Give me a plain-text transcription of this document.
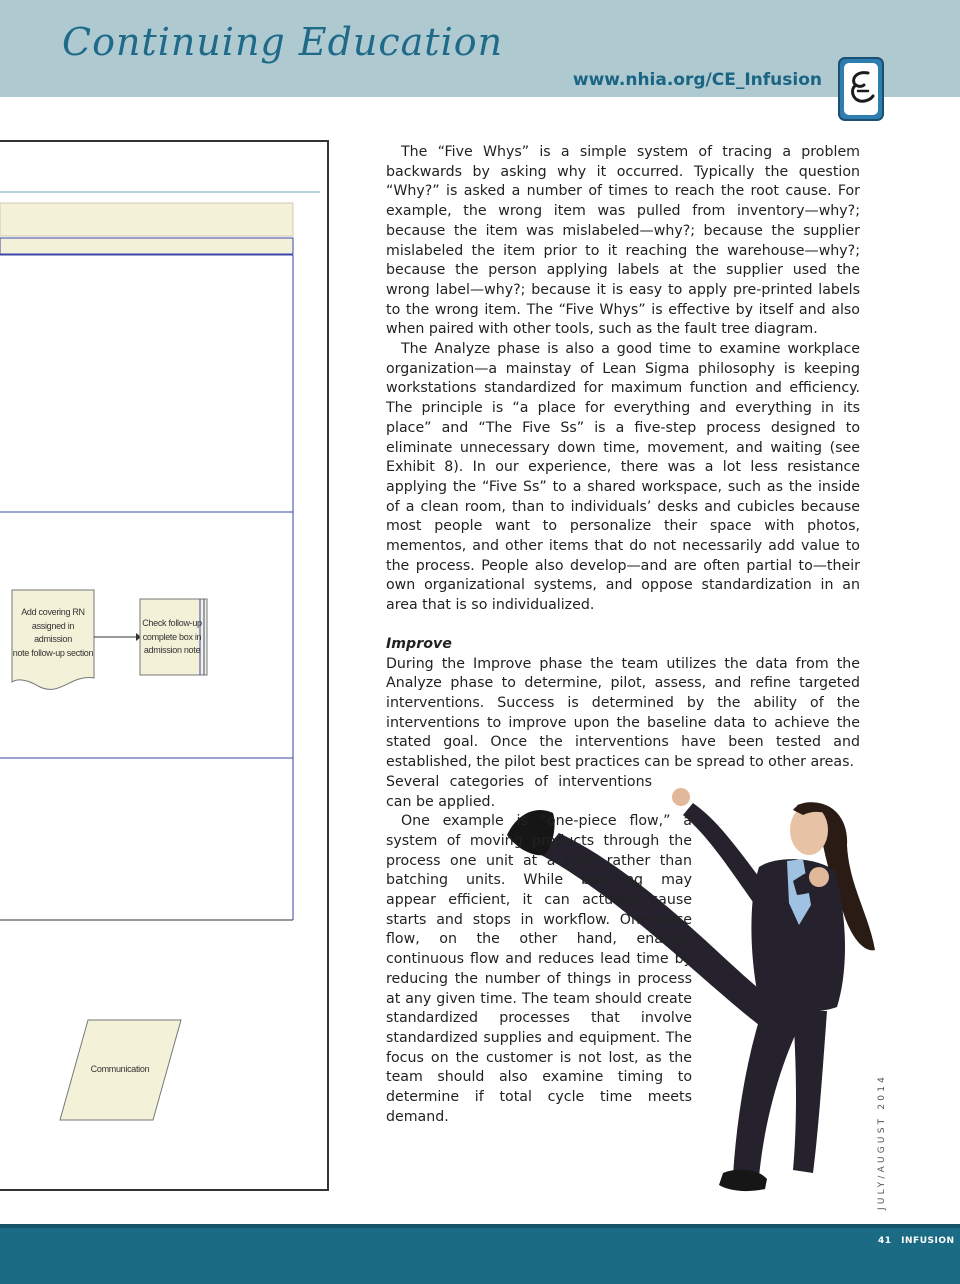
Continuing Education
www.nhia.org/CE_Infusion
Add covering RN
assigned in admission
note follow-up section
Check follow-up
complete box in
admission note
Communication

The “Five Whys” is a simple system of tracing a problem backwards by asking why it occurred. Typically the question “Why?” is asked a number of times to reach the root cause. For example, the wrong item was pulled from inventory—why?; because the item was mislabeled—why?; because the supplier mislabeled the item prior to it reaching the warehouse—why?; because the person applying labels at the supplier used the wrong label—why?; because it is easy to apply pre-printed labels to the wrong item. The “Five Whys” is effective by itself and also when paired with other tools, such as the fault tree diagram.

The Analyze phase is also a good time to examine workplace organization—a mainstay of Lean Sigma philosophy is keeping workstations standardized for maximum function and efficiency. The principle is “a place for everything and everything in its place” and “The Five Ss” is a five-step process designed to eliminate unnecessary down time, movement, and waiting (see Exhibit 8). In our experience, there was a lot less resistance applying the “Five Ss” to a shared workspace, such as the inside of a clean room, than to individuals’ desks and cubicles because most people want to personalize their space with photos, mementos, and other items that do not necessarily add value to the process. People also develop—and are often partial to—their own organizational systems, and oppose standardization in an area that is so individualized.

Improve

During the Improve phase the team utilizes the data from the Analyze phase to determine, pilot, assess, and refine targeted interventions. Success is determined by the ability of the interventions to improve upon the baseline data to achieve the stated goal. Once the interventions have been tested and established, the pilot best practices can be spread to other areas.

Several categories of interventions can be applied.

One example is “one-piece flow,” a system of moving products through the process one unit at a time rather than batching units. While batching may appear efficient, it can actually cause starts and stops in workflow. One-piece flow, on the other hand, enables continuous flow and reduces lead time by reducing the number of things in process at any given time. The team should create standardized processes that involve standardized supplies and equipment. The focus on the customer is not lost, as the team should also examine timing to determine if total cycle time meets demand.	JULY/AUGUST 2014
41 INFUSION
